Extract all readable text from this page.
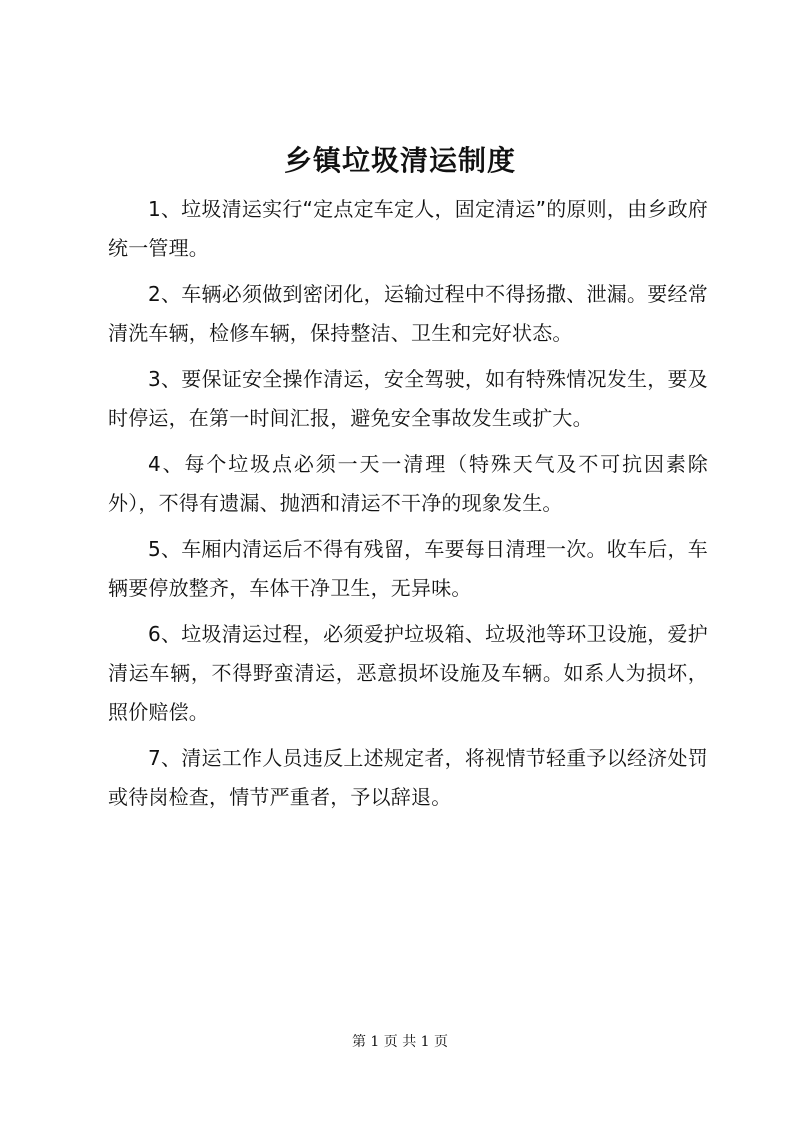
乡镇垃圾清运制度

1、垃圾清运实行“定点定车定人，固定清运”的原则，由乡政府统一管理。

2、车辆必须做到密闭化，运输过程中不得扬撒、泄漏。要经常清洗车辆，检修车辆，保持整洁、卫生和完好状态。

3、要保证安全操作清运，安全驾驶，如有特殊情况发生，要及时停运，在第一时间汇报，避免安全事故发生或扩大。

4、每个垃圾点必须一天一清理（特殊天气及不可抗因素除外），不得有遗漏、抛洒和清运不干净的现象发生。

5、车厢内清运后不得有残留，车要每日清理一次。收车后，车辆要停放整齐，车体干净卫生，无异味。

6、垃圾清运过程，必须爱护垃圾箱、垃圾池等环卫设施，爱护清运车辆，不得野蛮清运，恶意损坏设施及车辆。如系人为损坏，照价赔偿。

7、清运工作人员违反上述规定者，将视情节轻重予以经济处罚或待岗检查，情节严重者，予以辞退。

第 1 页 共 1 页
